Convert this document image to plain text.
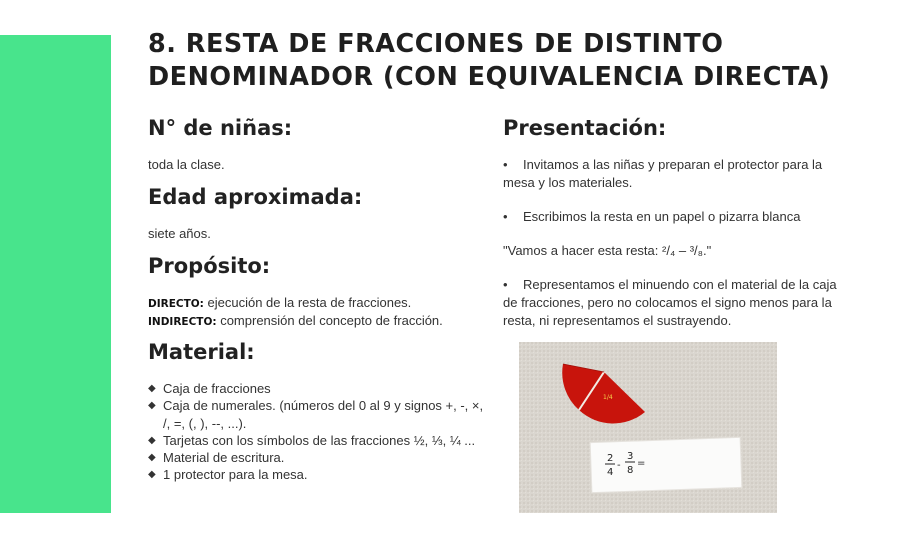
8. RESTA DE FRACCIONES DE DISTINTO DENOMINADOR (CON EQUIVALENCIA DIRECTA)
N° de niñas:

toda la clase.

Edad aproximada:

siete años.

Propósito:

DIRECTO: ejecución de la resta de fracciones.

INDIRECTO: comprensión del concepto de fracción.

Material:
◆ Caja de fracciones
◆ Caja de numerales. (números del 0 al 9 y signos +, -, ×, /, =, (, ), --, ...).
◆ Tarjetas con los símbolos de las fracciones ½, ⅓, ¼ ...
◆ Material de escritura.
◆ 1 protector para la mesa.
Presentación:

• Invitamos a las niñas y preparan el protector para la mesa y los materiales.

• Escribimos la resta en un papel o pizarra blanca

"Vamos a hacer esta resta: ²/₄ – ³/₈."

• Representamos el minuendo con el material de la caja de fracciones, pero no colocamos el signo menos para la resta, ni representamos el sustrayendo.

1/4
2
4
-
3
8
=
